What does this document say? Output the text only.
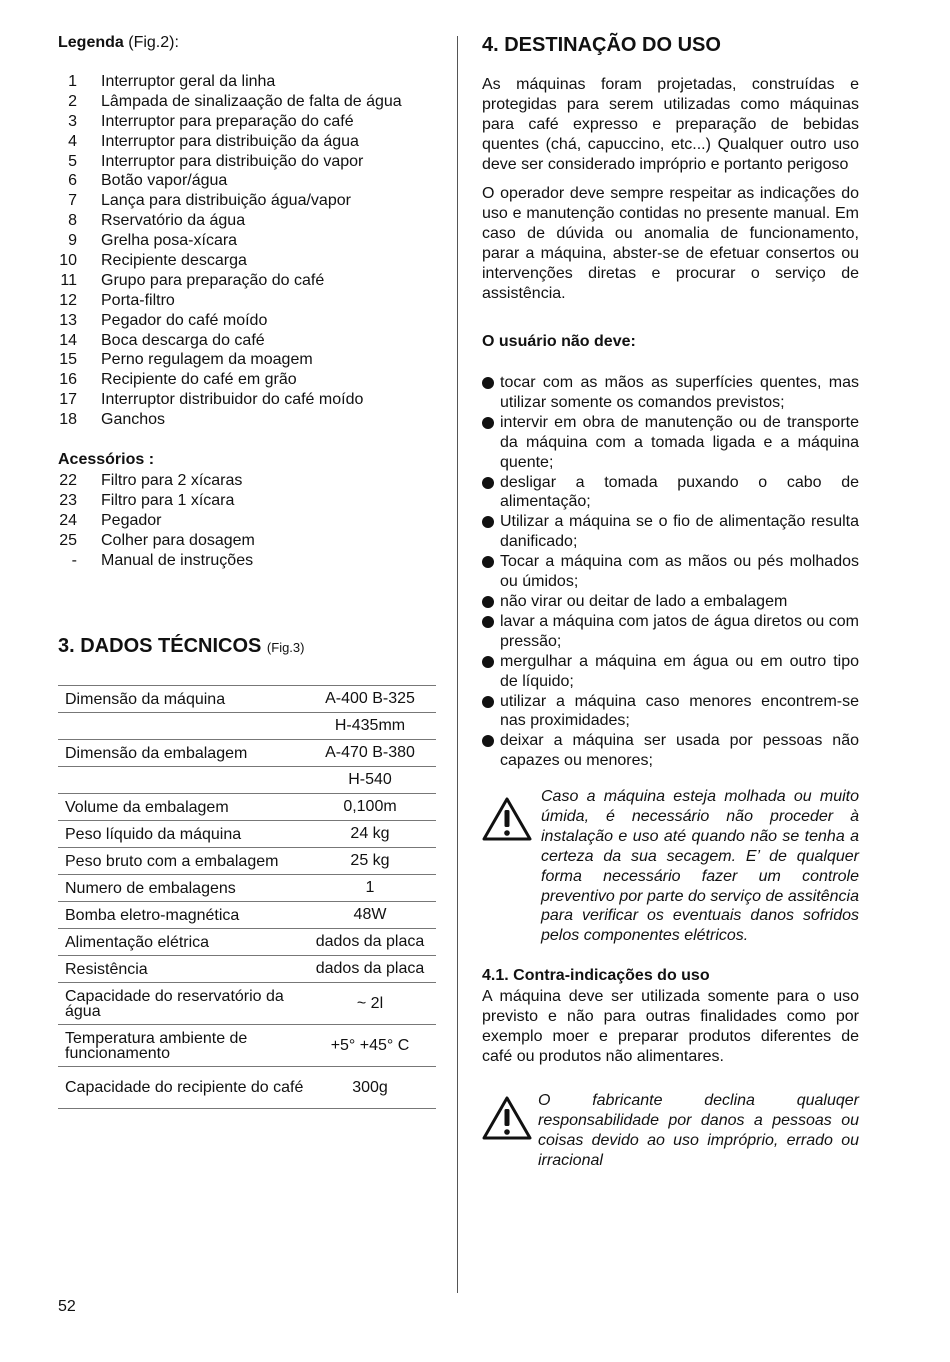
Legenda (Fig.2):
1 Interruptor geral da linha
2 Lâmpada de sinalizaação de falta de água
3 Interruptor para preparação do café
4 Interruptor para distribuição da água
5 Interruptor para distribuição do vapor
6 Botão vapor/água
7 Lança para distribuição água/vapor
8 Rservatório da água
9 Grelha posa-xícara
10 Recipiente descarga
11 Grupo para preparação do café
12 Porta-filtro
13 Pegador do café moído
14 Boca descarga do café
15 Perno regulagem da moagem
16 Recipiente do café em grão
17 Interruptor distribuidor do café moído
18 Ganchos
Acessórios :
22 Filtro para 2 xícaras
23 Filtro para 1 xícara
24 Pegador
25 Colher para dosagem
- Manual de instruções
3. DADOS TÉCNICOS (Fig.3)
Dimensão da máquina	A-400 B-325
	H-435mm
Dimensão da embalagem	A-470 B-380
	H-540
Volume da embalagem	0,100m
Peso líquido da máquina	24 kg
Peso bruto com a embalagem	25 kg
Numero de embalagens	1
Bomba eletro-magnética	48W
Alimentação elétrica	dados da placa
Resistência	dados da placa
Capacidade do reservatório da água	~ 2l
Temperatura ambiente de funcionamento	+5° +45° C
Capacidade do recipiente do café	300g
4. DESTINAÇÃO DO USO

As máquinas foram projetadas, construídas e protegidas para serem utilizadas como máquinas para café expresso e preparação de bebidas quentes (chá, capuccino, etc...) Qualquer outro uso deve ser considerado impróprio e portanto perigoso

O operador deve sempre respeitar as indicações do uso e manutenção contidas no presente manual. Em caso de dúvida ou anomalia de funcionamento, parar a máquina, abster-se de efetuar consertos ou intervenções diretas e procurar o serviço de assistência.

O usuário não deve:
tocar com as mãos as superfícies quentes, mas utilizar somente os comandos previstos;
intervir em obra de manutenção ou de transporte da máquina com a tomada ligada e a máquina quente;
desligar a tomada puxando o cabo de alimentação;
Utilizar a máquina se o fio de alimentação resulta danificado;
Tocar a máquina com as mãos ou pés molhados ou úmidos;
não virar ou deitar de lado a embalagem
lavar a máquina com jatos de água diretos ou com pressão;
mergulhar a máquina em água ou em outro tipo de líquido;
utilizar a máquina caso menores encontrem-se nas proximidades;
deixar a máquina ser usada por pessoas não capazes ou menores;

Caso a máquina esteja molhada ou muito úmida, é necessário não proceder à instalação e uso até quando não se tenha a certeza da sua secagem. E’ de qualquer forma necessário fazer um controle preventivo por parte do serviço de assitência para verificar os eventuais danos sofridos pelos componentes elétricos.

4.1. Contra-indicações do uso

A máquina deve ser utilizada somente para o uso previsto e não para outras finalidades como por exemplo moer e preparar produtos diferentes de café ou produtos não alimentares.

O fabricante declina qualuqer responsabilidade por danos a pessoas ou coisas devido ao uso impróprio, errado ou irracional

52
